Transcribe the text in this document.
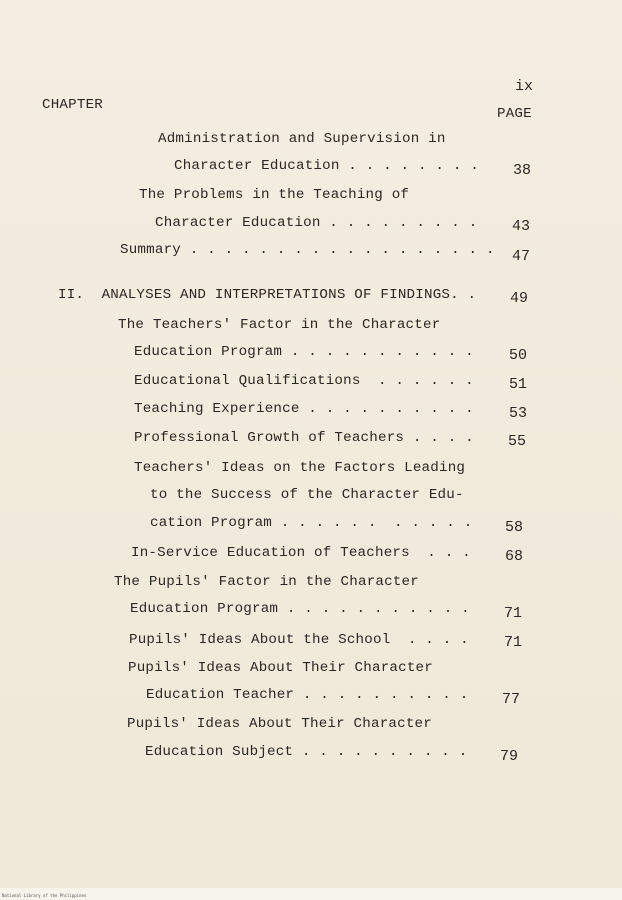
ix
CHAPTER
PAGE
Administration and Supervision in
Character Education . . . . . . . . 38
The Problems in the Teaching of
Character Education . . . . . . . . . 43
Summary . . . . . . . . . . . . . . . . . . 47
II.  ANALYSES AND INTERPRETATIONS OF FINDINGS. . 49
The Teachers' Factor in the Character
Education Program . . . . . . . . . . . 50
Educational Qualifications  . . . . . . 51
Teaching Experience . . . . . . . . . . 53
Professional Growth of Teachers . . . . 55
Teachers' Ideas on the Factors Leading
to the Success of the Character Edu-
cation Program . . . . . .  . . . . . 58
In-Service Education of Teachers  . . . 68
The Pupils' Factor in the Character
Education Program . . . . . . . . . . . 71
Pupils' Ideas About the School  . . . . 71
Pupils' Ideas About Their Character
Education Teacher . . . . . . . . . . 77
Pupils' Ideas About Their Character
Education Subject . . . . . . . . . . 79
National Library of the Philippines
